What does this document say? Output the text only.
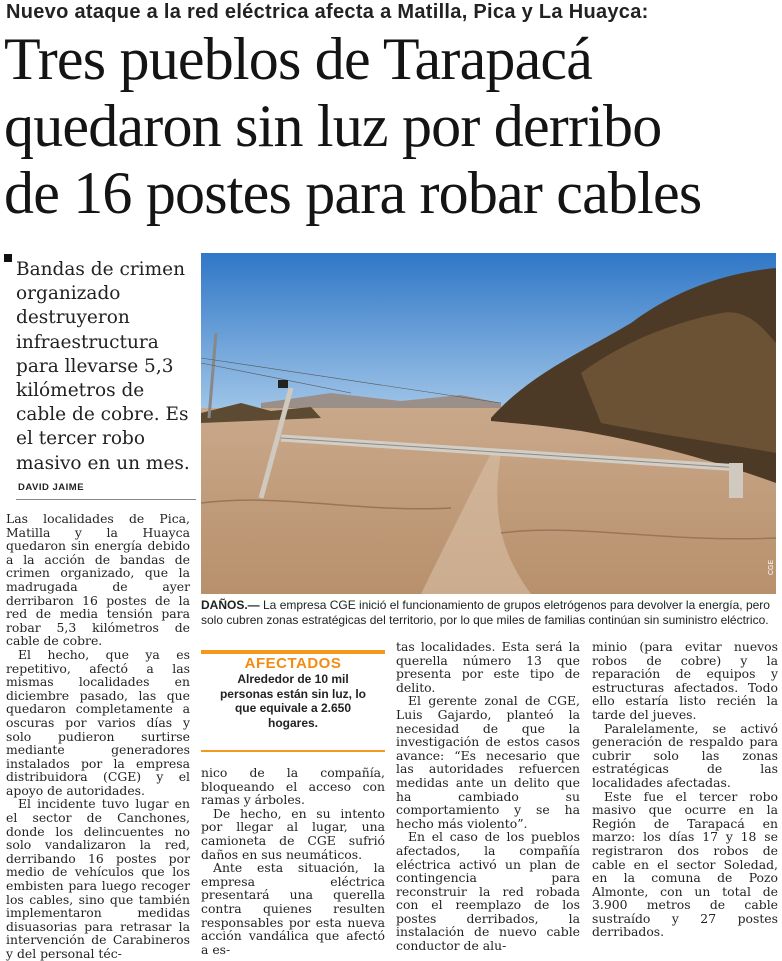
Nuevo ataque a la red eléctrica afecta a Matilla, Pica y La Huayca:
Tres pueblos de Tarapacá
quedaron sin luz por derribo
de 16 postes para robar cables
Bandas de crimen organizado destruyeron infraestructura para llevarse 5,3 kilómetros de cable de cobre. Es el tercer robo masivo en un mes.
DAVID JAIME
CGE
DAÑOS.— La empresa CGE inició el funcionamiento de grupos eletrógenos para devolver la energía, pero solo cubren zonas estratégicas del territorio, por lo que miles de familias continúan sin suministro eléctrico.

Las localidades de Pica, Matilla y la Huayca quedaron sin energía debido a la acción de bandas de crimen organizado, que la madrugada de ayer derribaron 16 postes de la red de media tensión para robar 5,3 kilómetros de cable de cobre.

El hecho, que ya es repetitivo, afectó a las mismas localidades en diciembre pasado, las que quedaron completamente a oscuras por varios días y solo pudieron surtirse mediante generadores instalados por la empresa distribuidora (CGE) y el apoyo de autoridades.

El incidente tuvo lugar en el sector de Canchones, donde los delincuentes no solo vandalizaron la red, derribando 16 postes por medio de vehículos que los embisten para luego recoger los cables, sino que también implementaron medidas disuasorias para retrasar la intervención de Carabineros y del personal téc-

AFECTADOS
Alrededor de 10 mil personas están sin luz, lo que equivale a 2.650 hogares.

nico de la compañía, bloqueando el acceso con ramas y árboles.

De hecho, en su intento por llegar al lugar, una camioneta de CGE sufrió daños en sus neumáticos.

Ante esta situación, la empresa eléctrica presentará una querella contra quienes resulten responsables por esta nueva acción vandálica que afectó a es-

tas localidades. Esta será la querella número 13 que presenta por este tipo de delito.

El gerente zonal de CGE, Luis Gajardo, planteó la necesidad de que la investigación de estos casos avance: “Es necesario que las autoridades refuercen medidas ante un delito que ha cambiado su comportamiento y se ha hecho más violento”.

En el caso de los pueblos afectados, la compañía eléctrica activó un plan de contingencia para reconstruir la red robada con el reemplazo de los postes derribados, la instalación de nuevo cable conductor de alu-

minio (para evitar nuevos robos de cobre) y la reparación de equipos y estructuras afectados. Todo ello estaría listo recién la tarde del jueves.

Paralelamente, se activó generación de respaldo para cubrir solo las zonas estratégicas de las localidades afectadas.

Este fue el tercer robo masivo que ocurre en la Región de Tarapacá en marzo: los días 17 y 18 se registraron dos robos de cable en el sector Soledad, en la comuna de Pozo Almonte, con un total de 3.900 metros de cable sustraído y 27 postes derribados.
